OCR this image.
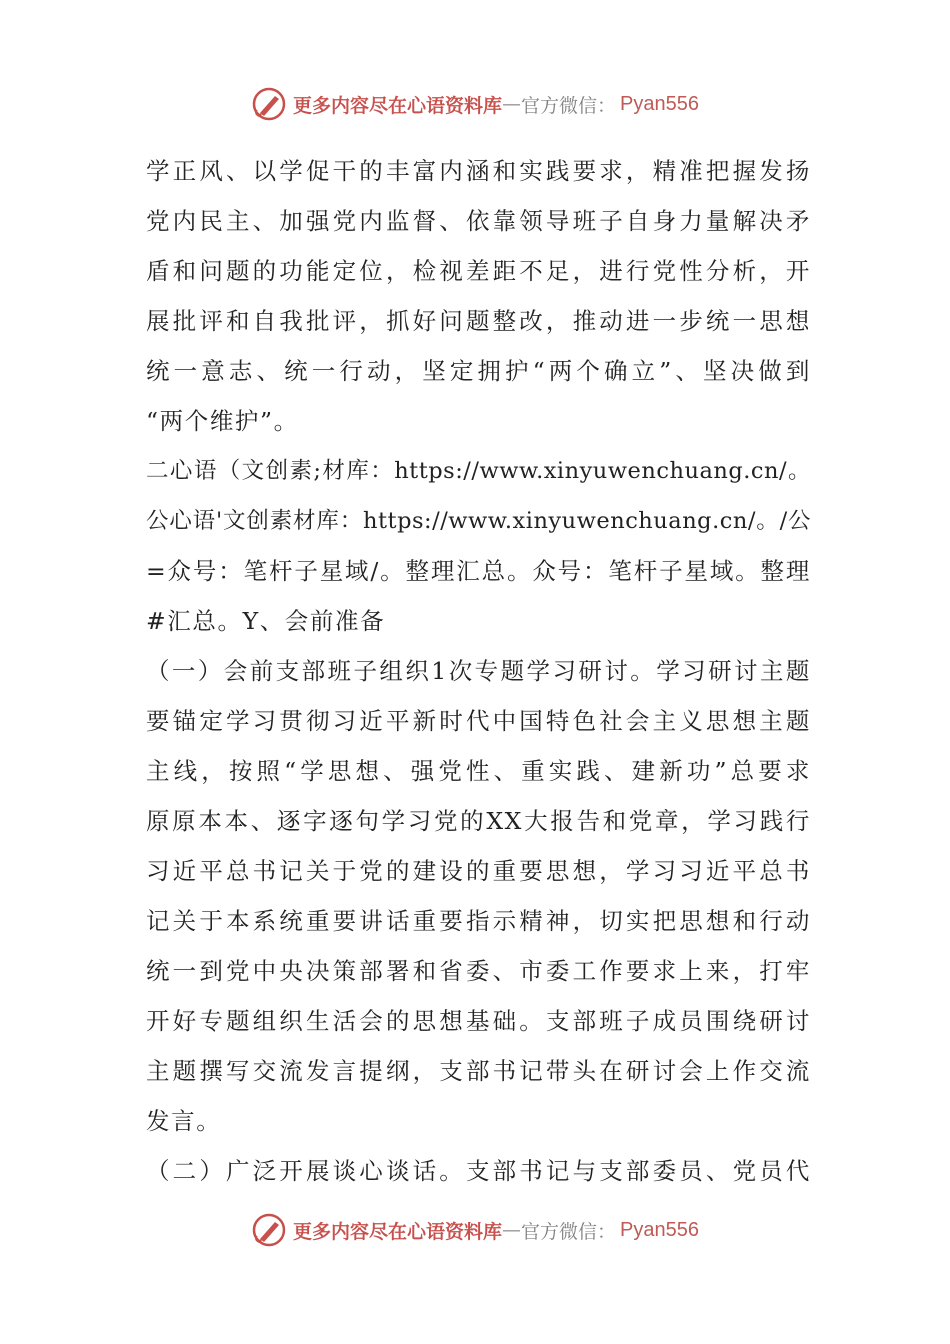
更多内容尽在心语资料库 — 官方微信： Pyan556
学正风、以学促干的丰富内涵和实践要求，精准把握发扬
党内民主、加强党内监督、依靠领导班子自身力量解决矛
盾和问题的功能定位，检视差距不足，进行党性分析，开
展批评和自我批评，抓好问题整改，推动进一步统一思想
统一意志、统一行动，坚定拥护“两个确立”、坚决做到
“两个维护”。
二心语（文创素;材库：https://www.xinyuwenchuang.cn/。
公心语'文创素材库：https://www.xinyuwenchuang.cn/。/公
=众号：笔杆子星域/。整理汇总。众号：笔杆子星域。整理
#汇总。Y、会前准备
（一）会前支部班子组织1次专题学习研讨。学习研讨主题
要锚定学习贯彻习近平新时代中国特色社会主义思想主题
主线，按照“学思想、强党性、重实践、建新功”总要求
原原本本、逐字逐句学习党的XX大报告和党章，学习践行
习近平总书记关于党的建设的重要思想，学习习近平总书
记关于本系统重要讲话重要指示精神，切实把思想和行动
统一到党中央决策部署和省委、市委工作要求上来，打牢
开好专题组织生活会的思想基础。支部班子成员围绕研讨
主题撰写交流发言提纲，支部书记带头在研讨会上作交流
发言。
（二）广泛开展谈心谈话。支部书记与支部委员、党员代
更多内容尽在心语资料库 — 官方微信： Pyan556
